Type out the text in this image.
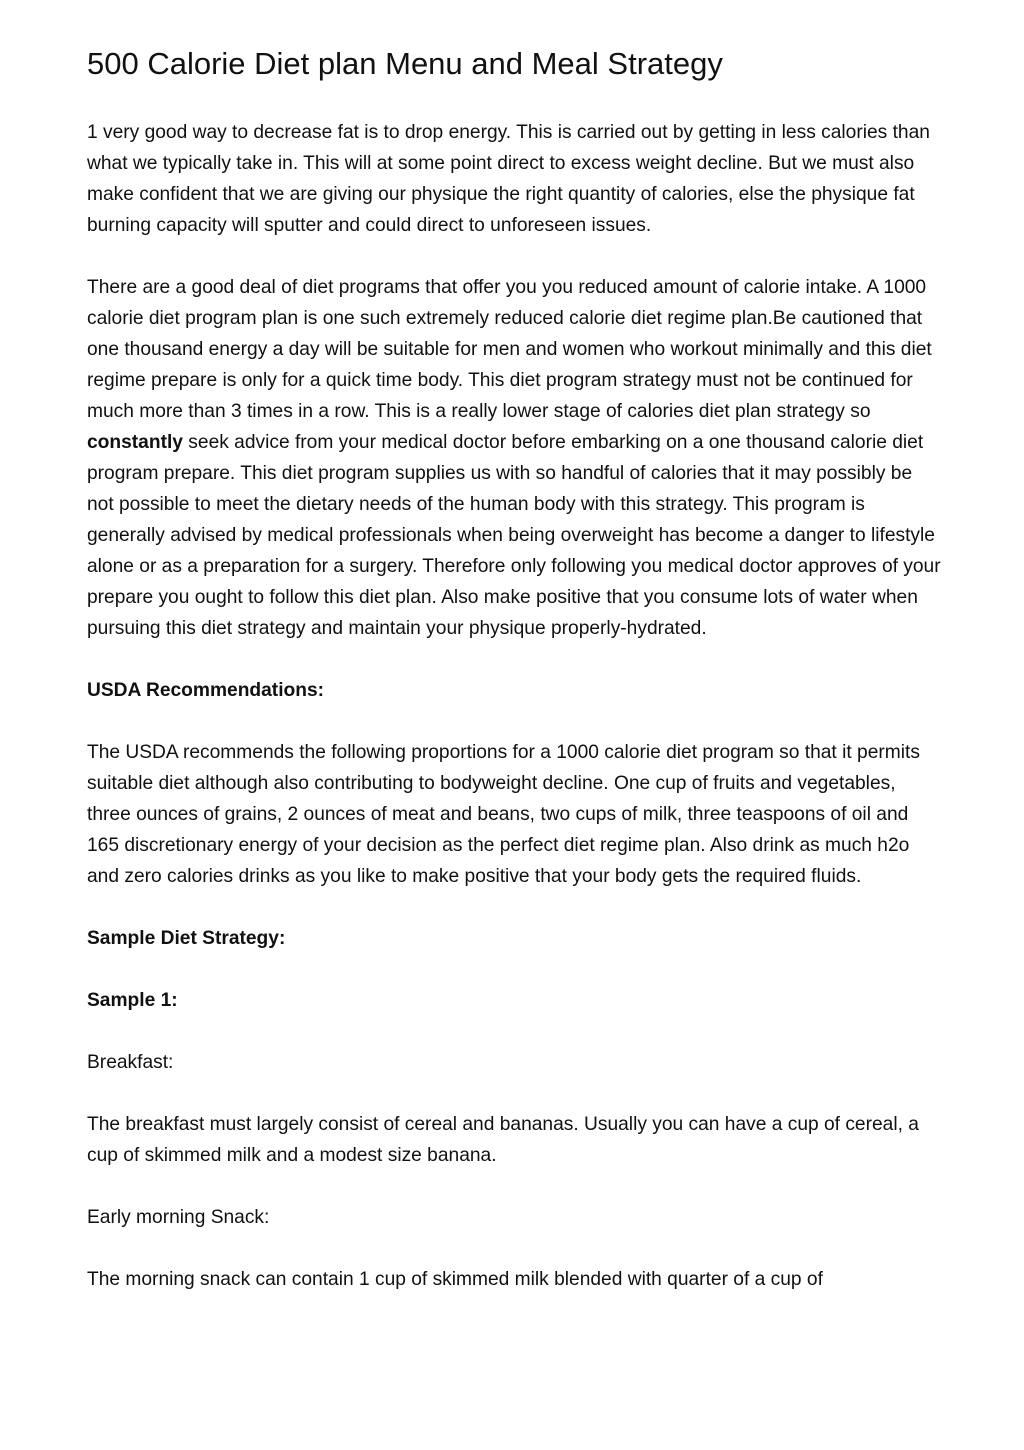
500 Calorie Diet plan Menu and Meal Strategy

1 very good way to decrease fat is to drop energy. This is carried out by getting in less calories than what we typically take in. This will at some point direct to excess weight decline. But we must also make confident that we are giving our physique the right quantity of calories, else the physique fat burning capacity will sputter and could direct to unforeseen issues.

There are a good deal of diet programs that offer you you reduced amount of calorie intake. A 1000 calorie diet program plan is one such extremely reduced calorie diet regime plan.Be cautioned that one thousand energy a day will be suitable for men and women who workout minimally and this diet regime prepare is only for a quick time body. This diet program strategy must not be continued for much more than 3 times in a row. This is a really lower stage of calories diet plan strategy so constantly seek advice from your medical doctor before embarking on a one thousand calorie diet program prepare. This diet program supplies us with so handful of calories that it may possibly be not possible to meet the dietary needs of the human body with this strategy. This program is generally advised by medical professionals when being overweight has become a danger to lifestyle alone or as a preparation for a surgery. Therefore only following you medical doctor approves of your prepare you ought to follow this diet plan. Also make positive that you consume lots of water when pursuing this diet strategy and maintain your physique properly-hydrated.

USDA Recommendations:

The USDA recommends the following proportions for a 1000 calorie diet program so that it permits suitable diet although also contributing to bodyweight decline. One cup of fruits and vegetables, three ounces of grains, 2 ounces of meat and beans, two cups of milk, three teaspoons of oil and 165 discretionary energy of your decision as the perfect diet regime plan. Also drink as much h2o and zero calories drinks as you like to make positive that your body gets the required fluids.

Sample Diet Strategy:

Sample 1:

Breakfast:

The breakfast must largely consist of cereal and bananas. Usually you can have a cup of cereal, a cup of skimmed milk and a modest size banana.

Early morning Snack:

The morning snack can contain 1 cup of skimmed milk blended with quarter of a cup of
